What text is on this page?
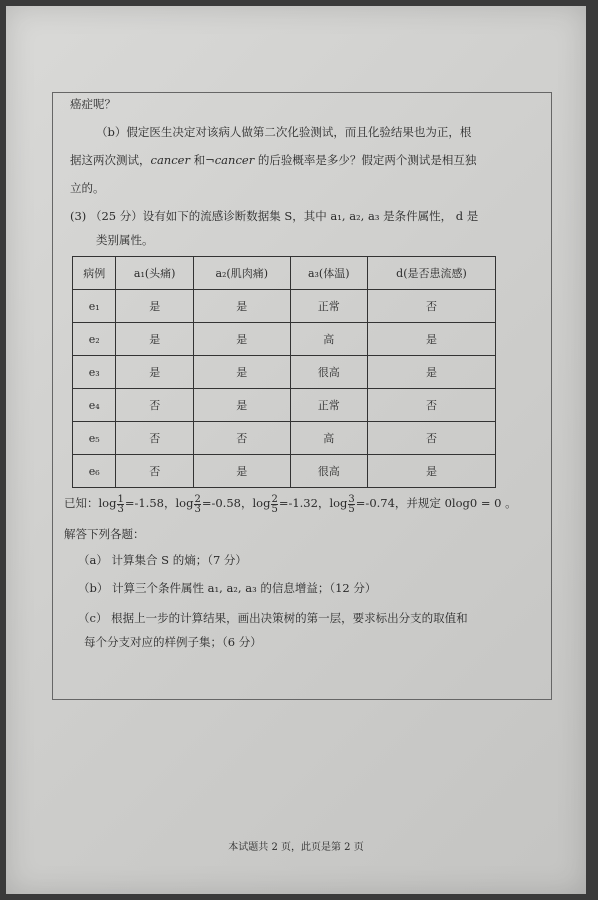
癌症呢？
（b）假定医生决定对该病人做第二次化验测试，而且化验结果也为正，根
据这两次测试，cancer 和¬cancer 的后验概率是多少？假定两个测试是相互独
立的。
(3) （25 分）设有如下的流感诊断数据集 S，其中 a₁, a₂, a₃ 是条件属性， d 是
类别属性。
病例	a₁(头痛)	a₂(肌肉痛)	a₃(体温)	d(是否患流感)
e₁	是	是	正常	否
e₂	是	是	高	是
e₃	是	是	很高	是
e₄	否	是	正常	否
e₅	否	否	高	否
e₆	否	是	很高	是
已知：$\log \frac{1}{3} =-1.58$，$\log \frac{2}{3} =-0.58$，$\log \frac{2}{5} =-1.32$，$\log \frac{3}{5} =-0.74$，并规定 0log0 = 0 。
解答下列各题：
（a） 计算集合 S 的熵；（7 分）
（b） 计算三个条件属性 a₁, a₂, a₃ 的信息增益；（12 分）
（c） 根据上一步的计算结果，画出决策树的第一层，要求标出分支的取值和
每个分支对应的样例子集；（6 分）
本试题共 2 页，此页是第 2 页
